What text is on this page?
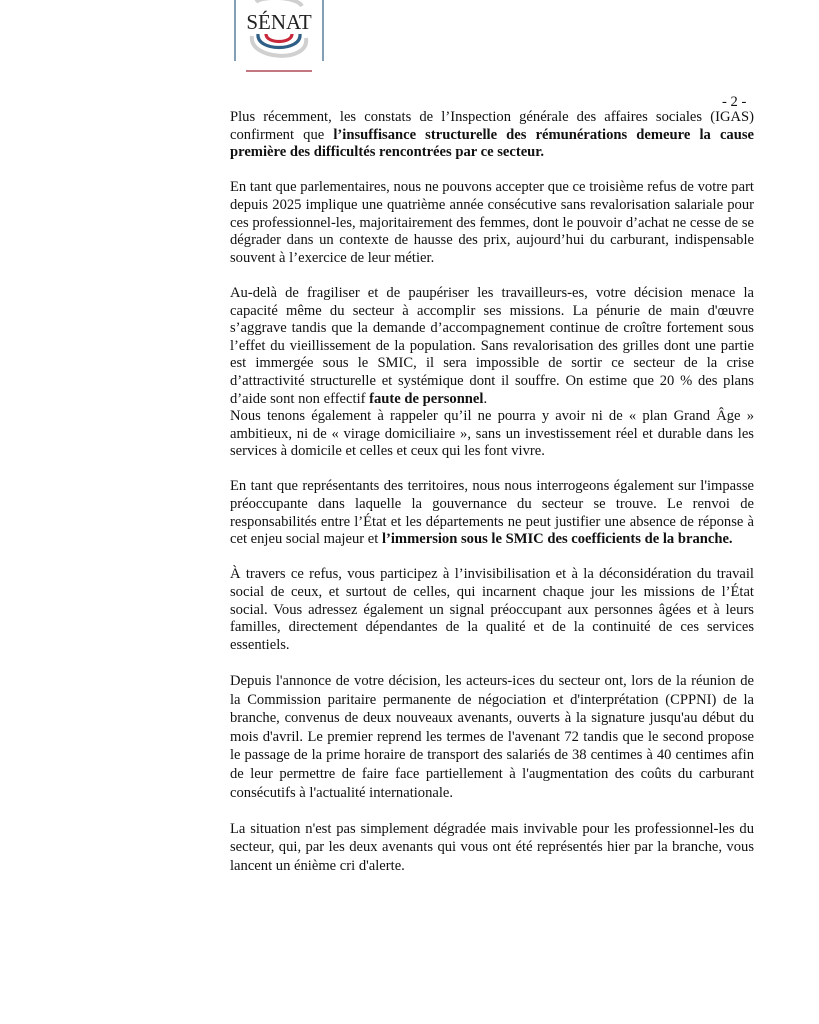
SÉNAT
- 2 -

Plus récemment, les constats de l’Inspection générale des affaires sociales (IGAS) confirment que l’insuffisance structurelle des rémunérations demeure la cause première des difficultés rencontrées par ce secteur.

En tant que parlementaires, nous ne pouvons accepter que ce troisième refus de votre part depuis 2025 implique une quatrième année consécutive sans revalorisation salariale pour ces professionnel-les, majoritairement des femmes, dont le pouvoir d’achat ne cesse de se dégrader dans un contexte de hausse des prix, aujourd’hui du carburant, indispensable souvent à l’exercice de leur métier.

Au-delà de fragiliser et de paupériser les travailleurs-es, votre décision menace la capacité même du secteur à accomplir ses missions. La pénurie de main d'œuvre s’aggrave tandis que la demande d’accompagnement continue de croître fortement sous l’effet du vieillissement de la population. Sans revalorisation des grilles dont une partie est immergée sous le SMIC, il sera impossible de sortir ce secteur de la crise d’attractivité structurelle et systémique dont il souffre. On estime que 20 % des plans d’aide sont non effectif faute de personnel.

Nous tenons également à rappeler qu’il ne pourra y avoir ni de « plan Grand Âge » ambitieux, ni de « virage domiciliaire », sans un investissement réel et durable dans les services à domicile et celles et ceux qui les font vivre.

En tant que représentants des territoires, nous nous interrogeons également sur l'impasse préoccupante dans laquelle la gouvernance du secteur se trouve. Le renvoi de responsabilités entre l’État et les départements ne peut justifier une absence de réponse à cet enjeu social majeur et l’immersion sous le SMIC des coefficients de la branche.

À travers ce refus, vous participez à l’invisibilisation et à la déconsidération du travail social de ceux, et surtout de celles, qui incarnent chaque jour les missions de l’État social. Vous adressez également un signal préoccupant aux personnes âgées et à leurs familles, directement dépendantes de la qualité et de la continuité de ces services essentiels.

Depuis l'annonce de votre décision, les acteurs-ices du secteur ont, lors de la réunion de la Commission paritaire permanente de négociation et d'interprétation (CPPNI) de la branche, convenus de deux nouveaux avenants, ouverts à la signature jusqu'au début du mois d'avril. Le premier reprend les termes de l'avenant 72 tandis que le second propose le passage de la prime horaire de transport des salariés de 38 centimes à 40 centimes afin de leur permettre de faire face partiellement à l'augmentation des coûts du carburant consécutifs à l'actualité internationale.

La situation n'est pas simplement dégradée mais invivable pour les professionnel-les du secteur, qui, par les deux avenants qui vous ont été représentés hier par la branche, vous lancent un énième cri d'alerte.
